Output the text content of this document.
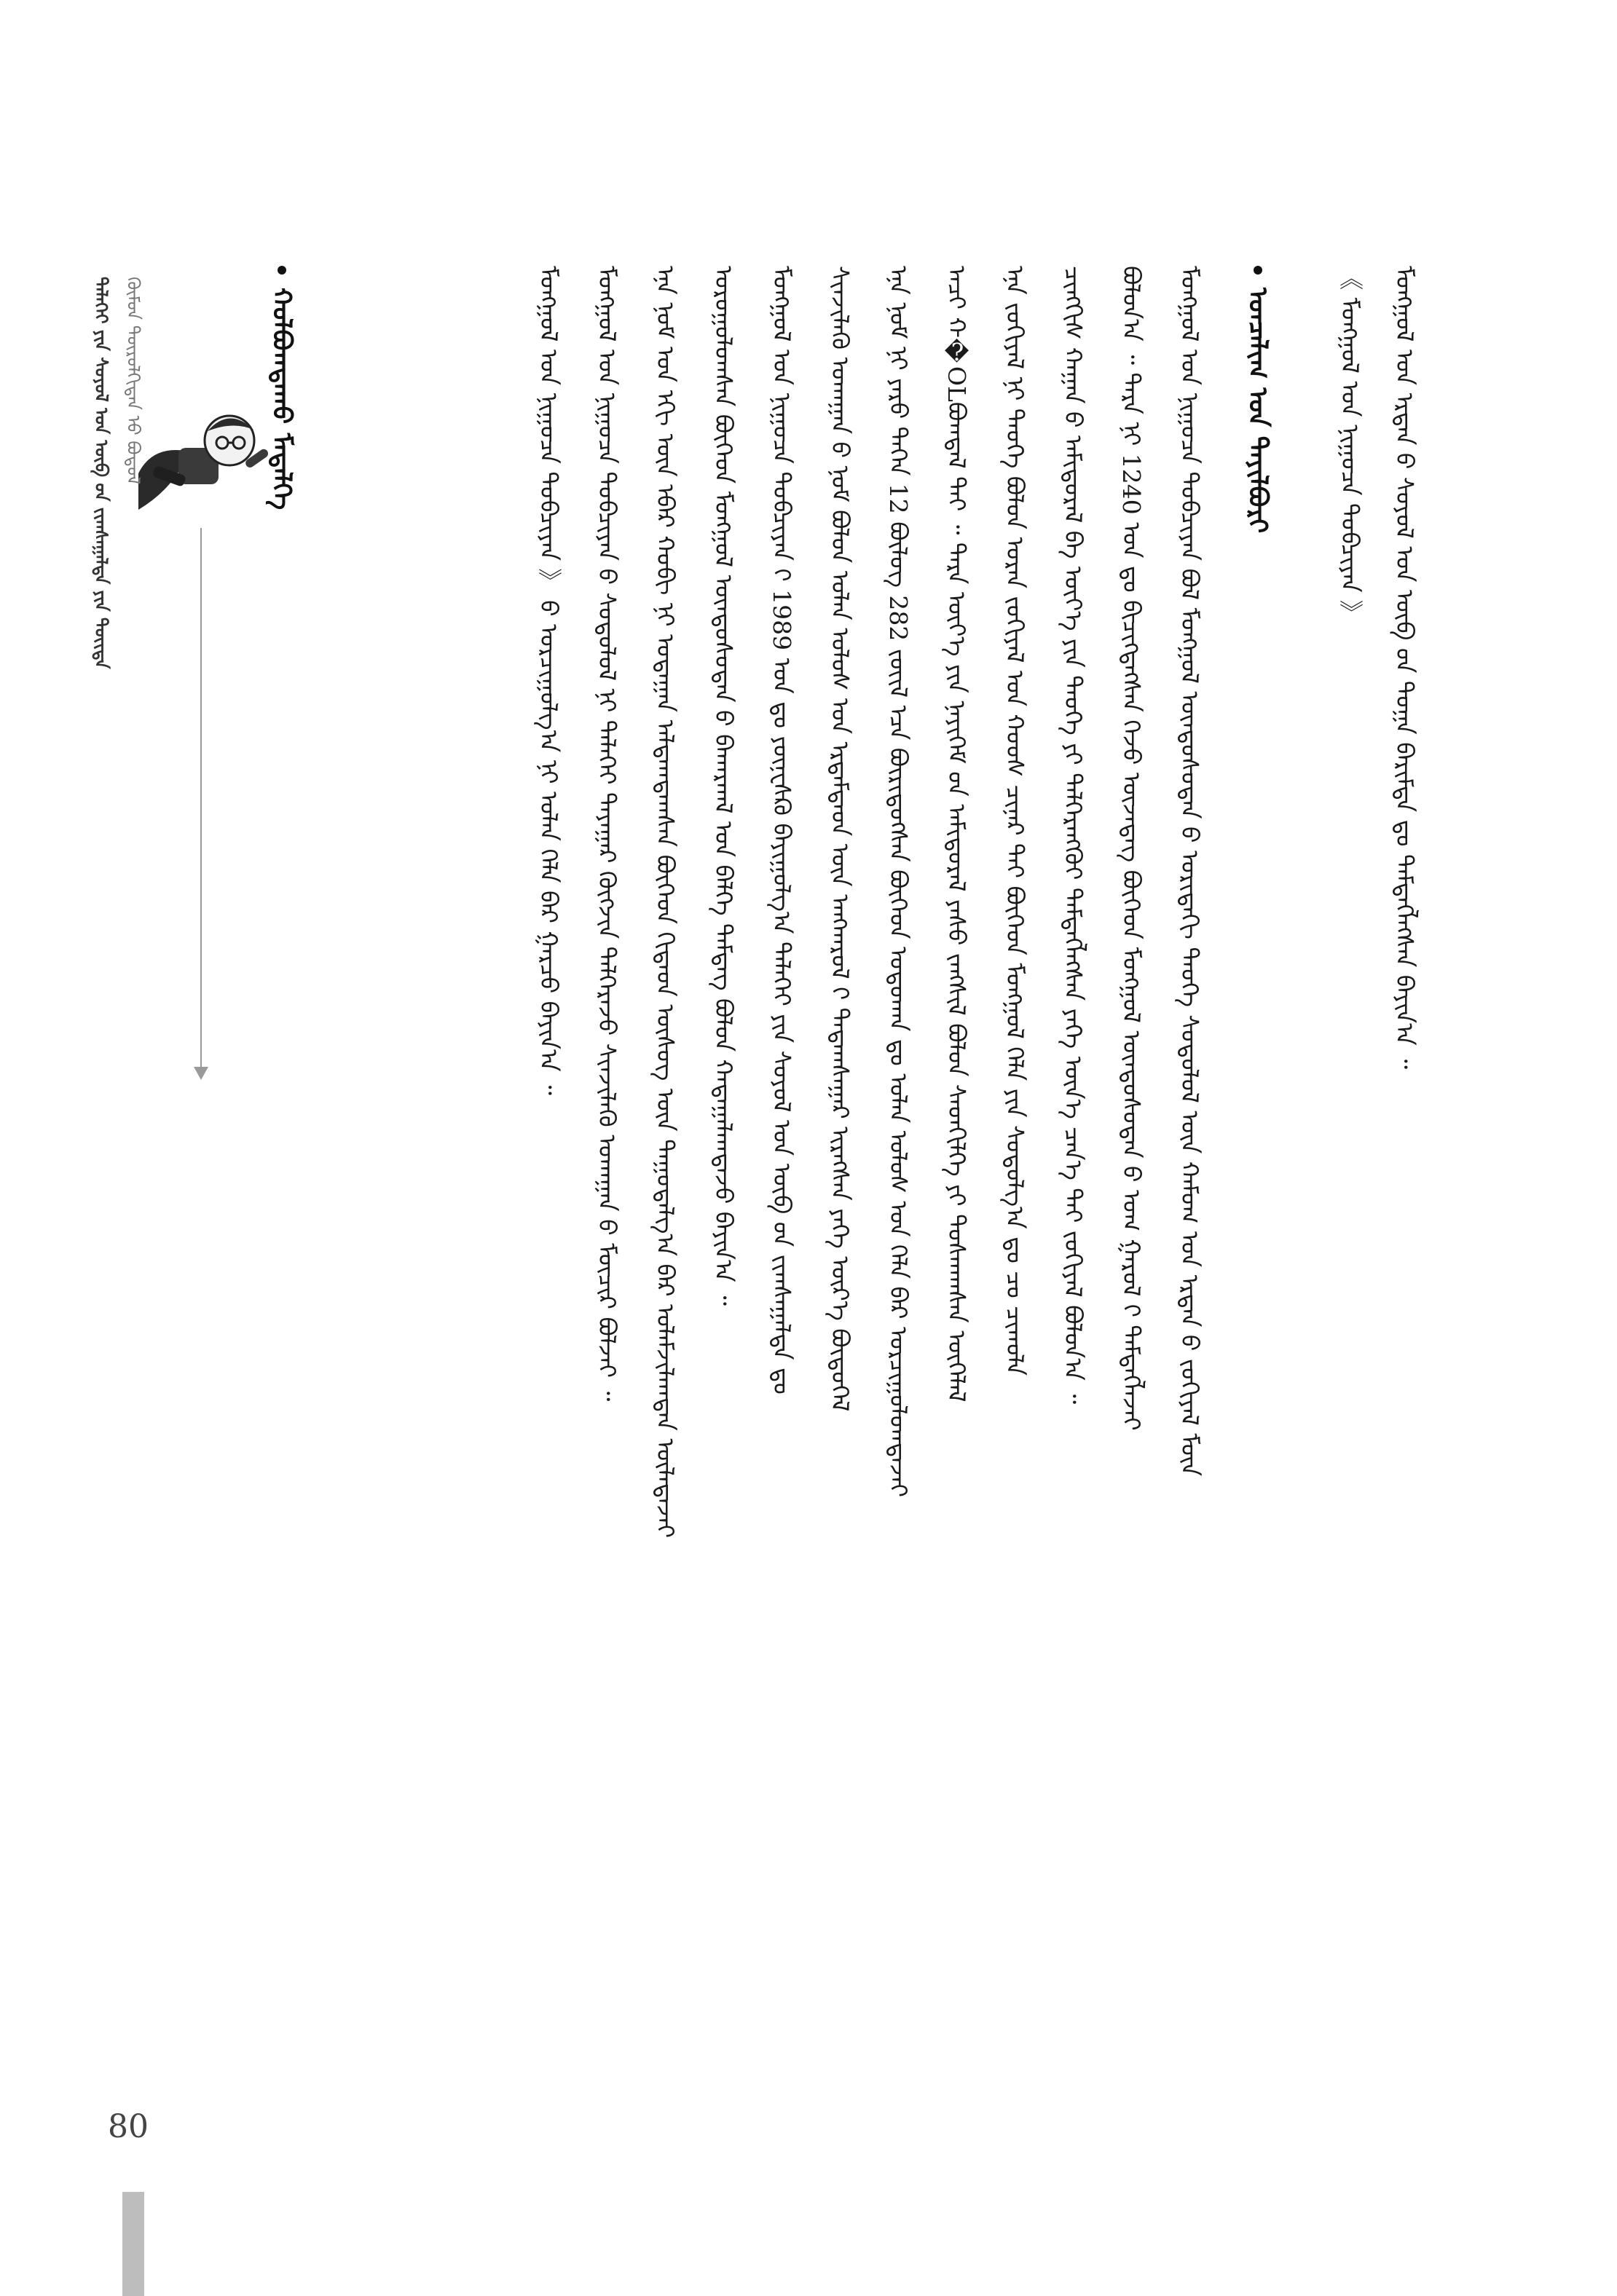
ᠳᠡᠯᠡᠬᠡᠢ ᠶᠢᠨ ᠰᠣᠶᠣᠯ ᠤᠨ ᠥᠪ ᠤ᠋ᠨ ᠵᠢᠭᠰᠠᠭᠠᠯᠲᠠ ᠶᠢᠨ ᠲᠦᠢᠲᠡ ᠬᠦᠮᠦᠨ ᠲᠥᠷᠥᠯᠬᠢᠲᠡᠨ ᠦ᠋ ᠪᠣᠳᠣᠯ	ᠣᠨᠴᠠᠯᠢᠭ ᠤᠨ ᠲᠠᠶᠢᠯᠪᠤᠷᠢ
ᠬᠣᠯᠪᠣᠭᠳᠠᠬᠤ ᠮᠡᠳᠡᠯᠭᠡ	ᠮᠣᠩᠭᠣᠯ ᠤᠨ ᠡᠷᠲᠡᠨ ᠦ᠌ ᠰᠤᠶᠤᠯ ᠤᠨ ᠥᠪ ᠤ᠋ᠨ ᠲᠣᠭᠠ ᠪᠠᠷᠢᠮᠲᠠ ᠳᠤ ᠲᠡᠮᠳᠡᠭᠯᠡᠭᠰᠡᠨ ᠪᠠᠶᠢᠨ᠎ᠠ ᠃
《 ᠮᠣᠩᠭᠣᠯ ᠤᠨ ᠨᠢᠭᠤᠴᠠ ᠲᠣᠪᠴᠢᠶᠠᠨ 》
ᠮᠣᠩᠭᠣᠯ ᠤᠨ ᠨᠢᠭᠤᠴᠠ ᠲᠣᠪᠴᠢᠶᠠᠨ ᠪᠣᠯ ᠮᠣᠩᠭᠣᠯ ᠦᠨᠳᠦᠰᠦᠲᠡᠨ ᠦ᠌ ᠤᠷᠢᠳᠠᠬᠢ ᠲᠡᠦᠬᠡ ᠰᠤᠳᠤᠯᠤᠯ ᠦᠨ ᠬᠠᠮᠤᠭ ᠤᠨ ᠡᠷᠲᠡᠨ ᠦ᠌ ᠵᠣᠬᠢᠶᠠᠯ ᠮᠥᠨ
ᠪᠣᠯᠣᠨ᠎ᠠ ᠃ ᠲᠡᠷᠡ ᠨᠢ 1240 ᠣᠨ ᠳᠤ ᠪᠢᠴᠢᠭᠳᠡᠭᠰᠡᠨ ᠭᠡᠵᠦ ᠦᠵᠡᠳᠡᠭ ᠪᠥᠭᠡᠳ ᠮᠣᠩᠭᠣᠯ ᠦᠨᠳᠦᠰᠦᠲᠡᠨ ᠦ᠌ ᠤᠭ ᠭᠠᠷᠤᠯ ᠢ᠋ ᠲᠡᠮᠳᠡᠭᠯᠡᠵᠡᠢ
ᠴᠢᠩᠭᠢᠰ ᠬᠠᠭᠠᠨ ᠤ᠋ ᠠᠮᠢᠳᠤᠷᠠᠯ ᠪᠠ ᠦᠶ᠎ᠡ ᠶᠢᠨ ᠲᠡᠦᠬᠡ ᠶᠢ ᠳᠡᠯᠭᠡᠷᠡᠩᠭᠦᠢ ᠲᠡᠮᠳᠡᠭᠯᠡᠭᠰᠡᠨ ᠶᠡᠬᠡ ᠦᠨ᠎ᠡ ᠴᠡᠨ᠎ᠡ ᠲᠠᠢ ᠵᠣᠬᠢᠶᠠᠯ ᠪᠣᠯᠤᠨ᠎ᠠ ᠃
ᠡᠨᠡ ᠵᠣᠬᠢᠶᠠᠯ ᠨᠢ ᠲᠡᠦᠬᠡ ᠪᠣᠯᠤᠨ ᠤᠷᠠᠨ ᠵᠣᠬᠢᠶᠠᠯ ᠤᠨ ᠬᠣᠣᠰ ᠴᠢᠨᠠᠷ ᠲᠠᠢ ᠪᠥᠭᠡᠳ ᠮᠣᠩᠭᠣᠯ ᠬᠡᠯᠡ ᠶᠢᠨ ᠰᠤᠳᠤᠯᠭ᠎ᠠ ᠳᠤ ᠴᠤ ᠴᠢᠬᠤᠯᠠ
ᠠᠴᠢ ᠬ�OLᠪᠣᠭᠳᠠᠯ ᠲᠠᠢ ᠃ ᠲᠡᠷᠡ ᠦᠶ᠎ᠡ ᠶᠢᠨ ᠨᠡᠶᠢᠭᠡᠮ ᠦ᠋ᠨ ᠠᠮᠢᠳᠤᠷᠠᠯ ᠶᠠᠰᠤ ᠵᠠᠩᠱᠢᠯ ᠪᠣᠯᠣᠨ ᠰᠡᠳᠬᠢᠯᠭᠡ ᠶᠢ ᠲᠤᠰᠬᠠᠭᠰᠠᠨ ᠦᠭᠡᠯᠡᠯ
ᠡᠨᠡ ᠨᠣᠮ ᠨᠢ ᠶᠡᠷᠦ ᠳᠡᠭᠡᠨ 12 ᠪᠦᠯᠦᠭ 282 ᠵᠦᠢᠯ ᠡᠴᠡ ᠪᠦᠷᠢᠳᠦᠭᠰᠡᠨ ᠪᠥᠭᠡᠳ ᠣᠳᠣᠬᠠᠨ ᠳᠤ ᠣᠯᠠᠨ ᠤᠯᠤᠰ ᠤᠨ ᠬᠡᠯᠡ ᠪᠡᠷ ᠣᠷᠴᠢᠭᠤᠯᠤᠭᠳᠠᠵᠠᠢ
ᠰᠢᠨᠵᠢᠯᠡᠬᠦ ᠤᠬᠠᠭᠠᠨ ᠤ᠋ ᠨᠣᠮ ᠪᠣᠯᠣᠨ ᠣᠯᠠᠨ ᠤᠯᠤᠰ ᠤᠨ ᠡᠷᠳᠡᠮᠲᠡᠳ ᠦᠨ ᠠᠩᠬᠠᠷᠤᠯ ᠢ᠋ ᠲᠠᠲᠠᠭᠰᠠᠭᠠᠷ ᠢᠷᠡᠭᠰᠡᠨ ᠶᠡᠬᠡ ᠦᠷ᠎ᠡ ᠪᠦᠲᠦᠭᠡᠯ
ᠮᠣᠩᠭᠣᠯ ᠤᠨ ᠨᠢᠭᠤᠴᠠ ᠲᠣᠪᠴᠢᠶᠠᠨ ᠢ᠋ 1989 ᠣᠨ ᠳᠤ ᠶᠦᠨᠧᠰᠺᠣ ᠪᠠᠶᠢᠭᠤᠯᠭ᠎ᠠ ᠳᠡᠯᠡᠬᠡᠢ ᠶᠢᠨ ᠰᠣᠶᠣᠯ ᠤᠨ ᠥᠪ ᠤ᠋ᠨ ᠵᠢᠭᠰᠠᠭᠠᠯᠲᠠ ᠳᠤ
ᠣᠷᠣᠭᠤᠯᠤᠭᠰᠠᠨ ᠪᠥᠭᠡᠳ ᠮᠣᠩᠭᠣᠯ ᠦᠨᠳᠦᠰᠦᠲᠡᠨ ᠦ᠌ ᠪᠠᠬᠠᠷᠬᠠᠯ ᠤᠨ ᠪᠡᠯᠭᠡ ᠲᠡᠮᠳᠡᠭ ᠪᠣᠯᠤᠨ ᠬᠠᠳᠠᠭᠠᠯᠠᠭᠳᠠᠵᠤ ᠪᠠᠶᠢᠨ᠎ᠠ ᠃
ᠡᠨᠡ ᠨᠣᠮ ᠤᠨ ᠡᠬᠢ ᠦᠨ ᠡᠪᠡᠷ ᠬᠤᠪᠢ ᠨᠢ ᠤᠳᠠᠭᠠᠨ ᠠᠯᠳᠠᠭᠳᠠᠭᠰᠠᠨ ᠪᠥᠭᠡᠳ ᠬᠢᠲᠠᠳ ᠦᠰᠦᠭ ᠦᠨ ᠳᠠᠭᠤᠳᠠᠯᠭ᠎ᠠ ᠪᠠᠷ ᠤᠯᠠᠮᠵᠢᠯᠠᠭᠳᠠᠨ ᠦᠯᠡᠳᠡᠵᠡᠢ
ᠮᠣᠩᠭᠣᠯ ᠤᠨ ᠨᠢᠭᠤᠴᠠ ᠲᠣᠪᠴᠢᠶᠠᠨ ᠤ᠋ ᠰᠤᠳᠤᠯᠤᠯ ᠨᠢ ᠳᠡᠯᠡᠬᠡᠢ ᠳᠠᠶᠠᠭᠠᠷ ᠬᠥᠭᠵᠢᠨ ᠳᠡᠯᠭᠡᠷᠡᠵᠦ ᠰᠢᠨᠵᠢᠯᠡᠬᠦ ᠤᠬᠠᠭᠠᠨ ᠤ᠋ ᠮᠥᠴᠢᠷ ᠪᠣᠯᠵᠠᠢ ᠃
ᠮᠣᠩᠭᠣᠯ ᠤᠨ ᠨᠢᠭᠤᠴᠠ ᠲᠣᠪᠴᠢᠶᠠᠨ 》 ᠤ᠋ ᠣᠷᠴᠢᠭᠤᠯᠭ᠎ᠠ ᠨᠢ ᠣᠯᠠᠨ ᠬᠡᠯᠡ ᠪᠡᠷ ᠭᠠᠷᠴᠤ ᠪᠠᠶᠢᠨ᠎ᠠ ᠃
80
